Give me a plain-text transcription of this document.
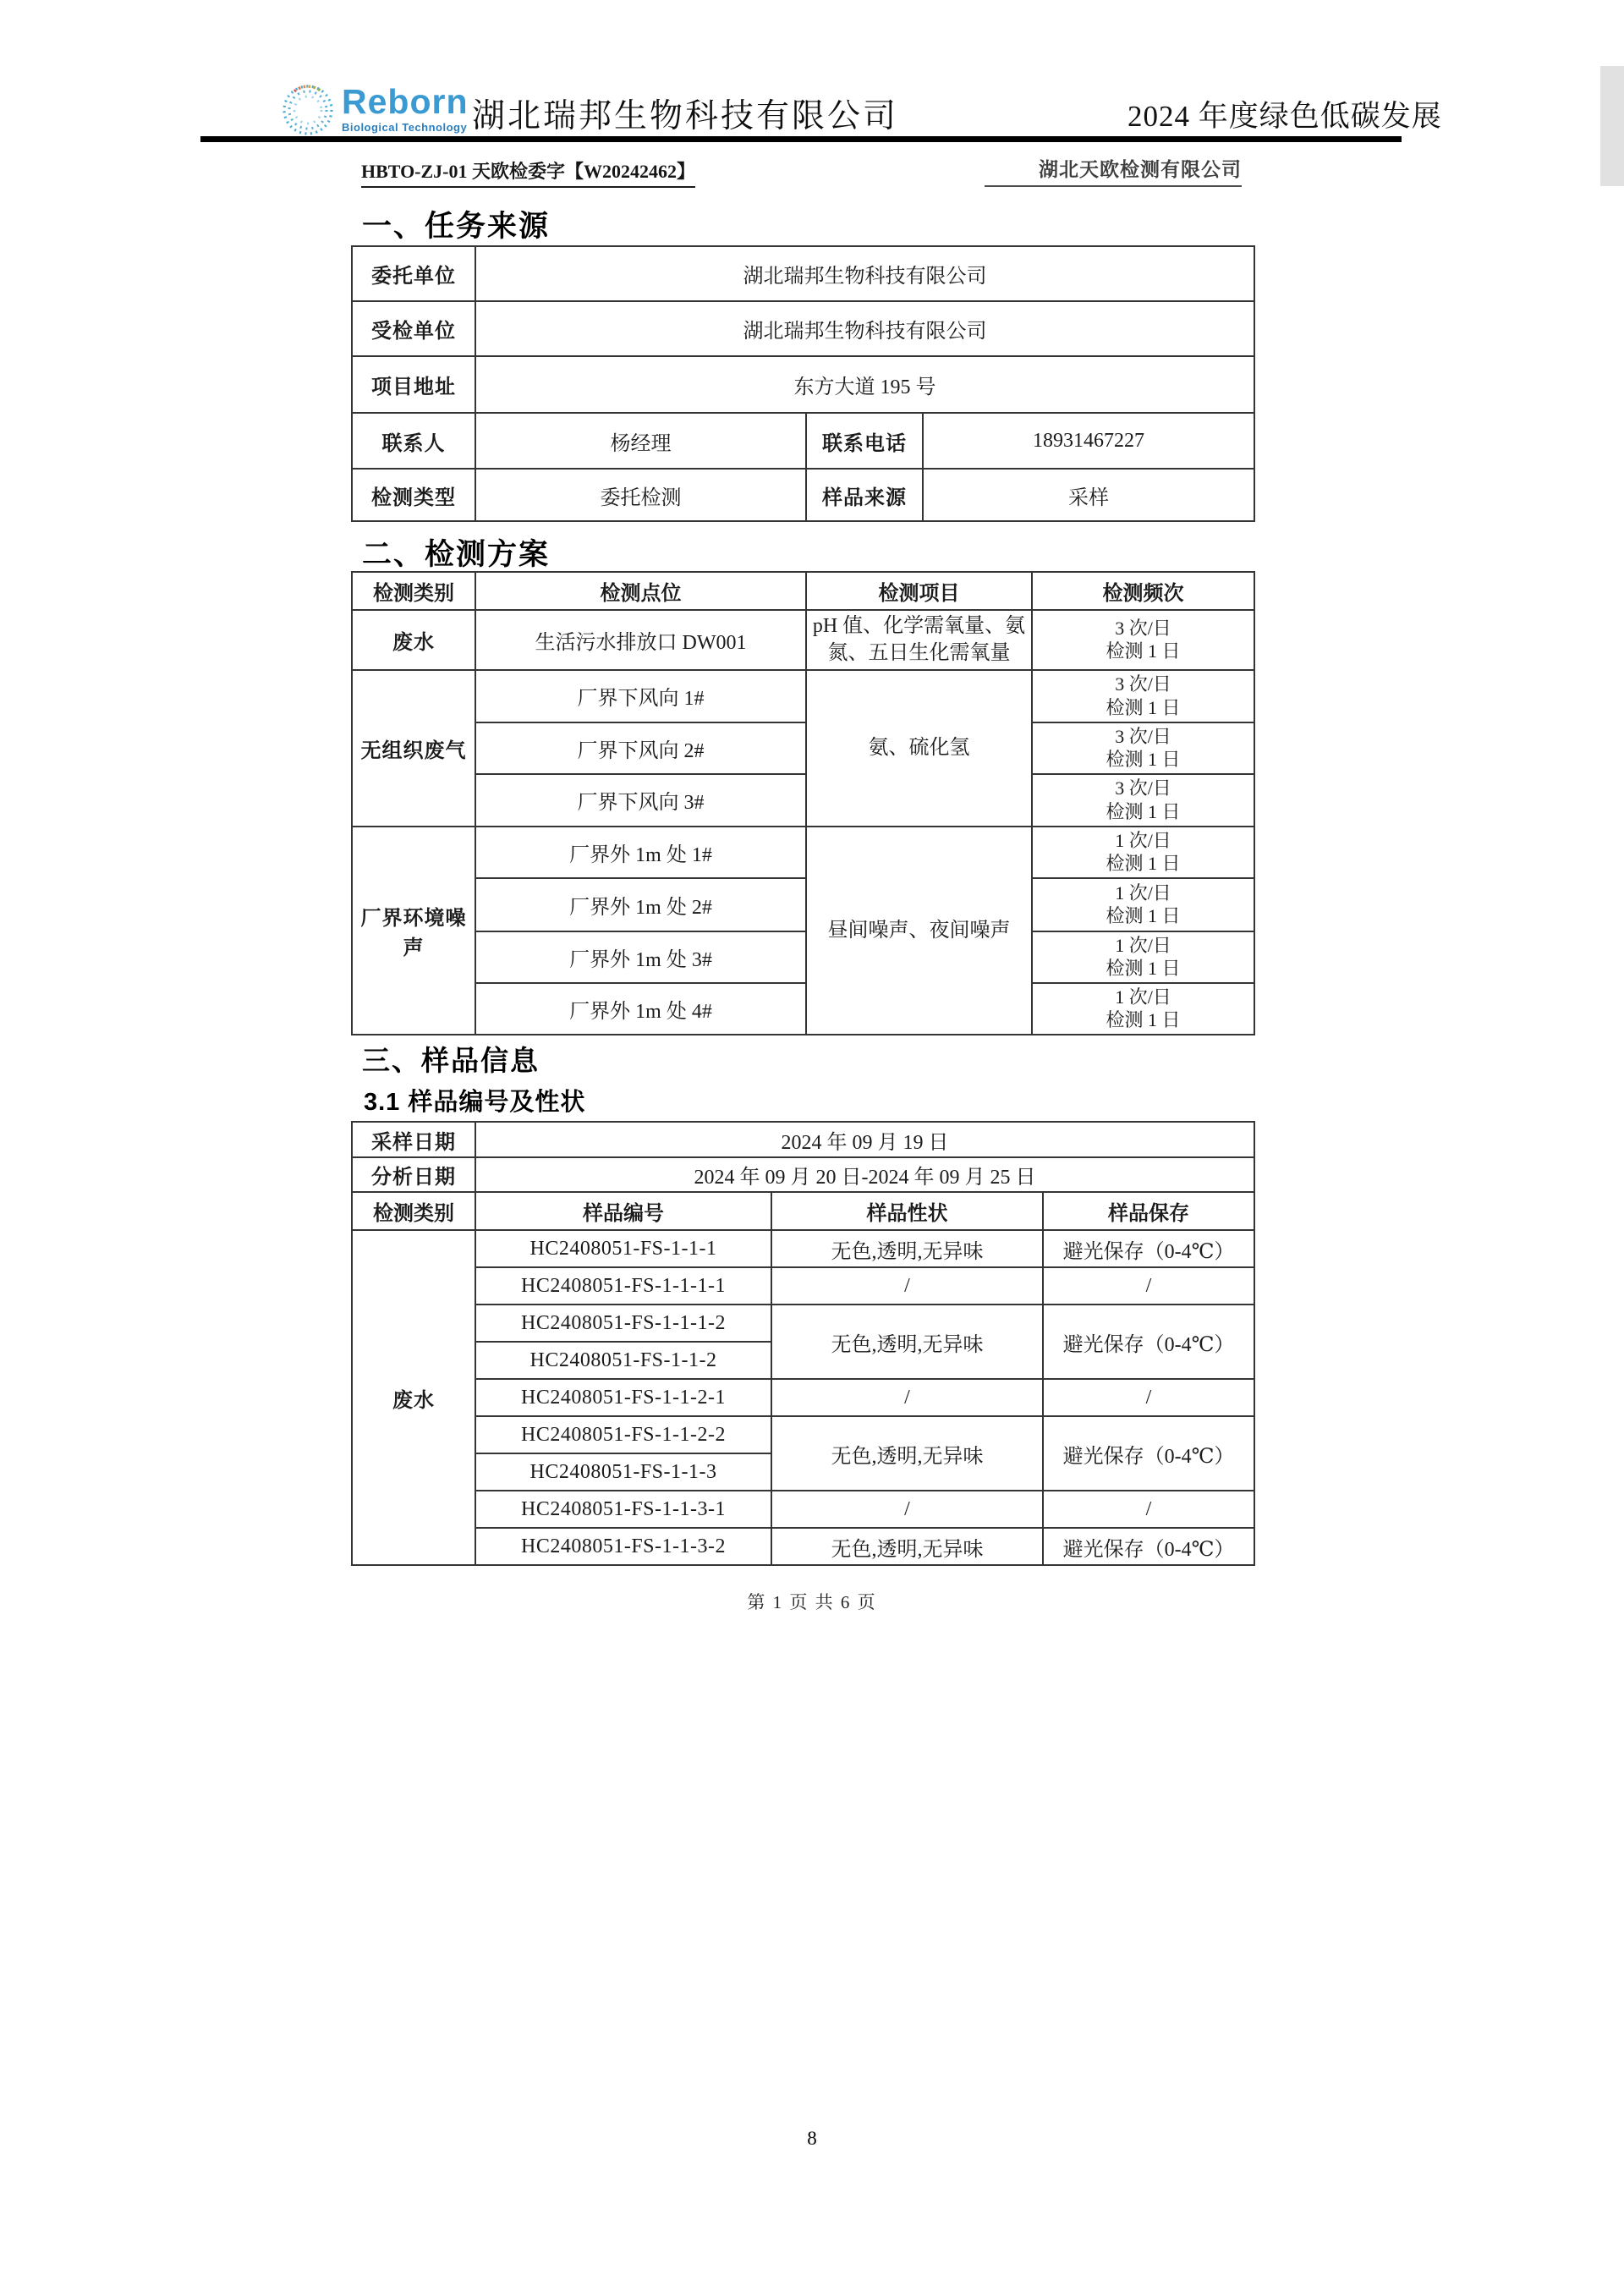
Reborn
Biological Technology 湖北瑞邦生物科技有限公司	2024 年度绿色低碳发展
HBTO-ZJ-01 天欧检委字【W20242462】	湖北天欧检测有限公司
一、任务来源
委托单位	湖北瑞邦生物科技有限公司		
受检单位	湖北瑞邦生物科技有限公司		
项目地址	东方大道 195 号		
联系人	杨经理	联系电话	18931467227
检测类型	委托检测	样品来源	采样
二、检测方案
检测类别	检测点位	检测项目	检测频次
废水	生活污水排放口 DW001	pH 值、化学需氧量、氨氮、五日生化需氧量	3 次/日
检测 1 日

无组织废气	厂界下风向 1#	氨、硫化氢	3 次/日
检测 1 日

	厂界下风向 2#		3 次/日
检测 1 日

	厂界下风向 3#		3 次/日
检测 1 日

厂界环境噪声	厂界外 1m 处 1#	昼间噪声、夜间噪声	1 次/日
检测 1 日

	厂界外 1m 处 2#		1 次/日
检测 1 日

	厂界外 1m 处 3#		1 次/日
检测 1 日

	厂界外 1m 处 4#		1 次/日
检测 1 日
三、样品信息
3.1 样品编号及性状
采样日期	2024 年 09 月 19 日		
分析日期	2024 年 09 月 20 日-2024 年 09 月 25 日		
检测类别	样品编号	样品性状	样品保存
废水	HC2408051-FS-1-1-1	无色,透明,无异味	避光保存（0-4℃）
	HC2408051-FS-1-1-1-1	/	/
	HC2408051-FS-1-1-1-2	无色,透明,无异味	避光保存（0-4℃）
	HC2408051-FS-1-1-2		
	HC2408051-FS-1-1-2-1	/	/
	HC2408051-FS-1-1-2-2	无色,透明,无异味	避光保存（0-4℃）
	HC2408051-FS-1-1-3		
	HC2408051-FS-1-1-3-1	/	/
	HC2408051-FS-1-1-3-2	无色,透明,无异味	避光保存（0-4℃）
第 1 页 共 6 页
8
